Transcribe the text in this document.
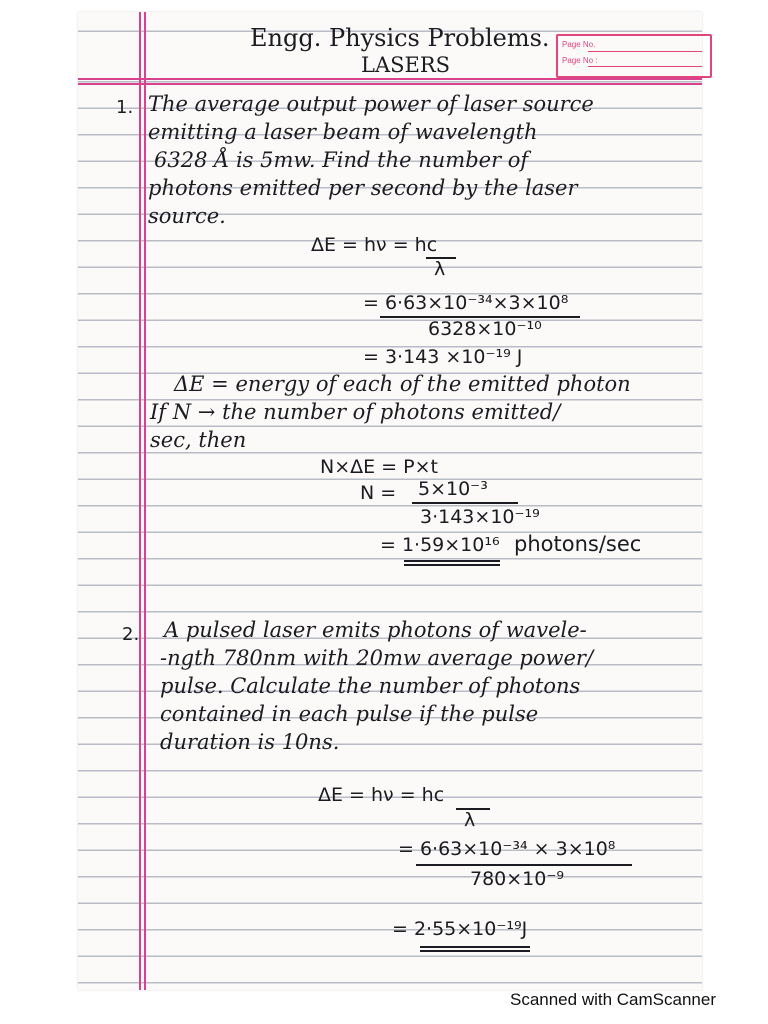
Page No.
Page No :
Engg. Physics Problems.
LASERS
1. The average output power of laser source
emitting a laser beam of wavelength
6328 Å is 5mw. Find the number of
photons emitted per second by the laser
source.
ΔE = hν = hc
λ
= 6·63×10⁻³⁴×3×10⁸
6328×10⁻¹⁰
= 3·143 ×10⁻¹⁹ J
ΔE = energy of each of the emitted photon
If N → the number of photons emitted/
sec, then
N×ΔE = P×t
N = 5×10⁻³
3·143×10⁻¹⁹
= 1·59×10¹⁶ photons/sec
2. A pulsed laser emits photons of wavele-
-ngth 780nm with 20mw average power/
pulse. Calculate the number of photons
contained in each pulse if the pulse
duration is 10ns.
ΔE = hν = hc
λ
= 6·63×10⁻³⁴ × 3×10⁸
780×10⁻⁹
= 2·55×10⁻¹⁹J
Scanned with CamScanner
